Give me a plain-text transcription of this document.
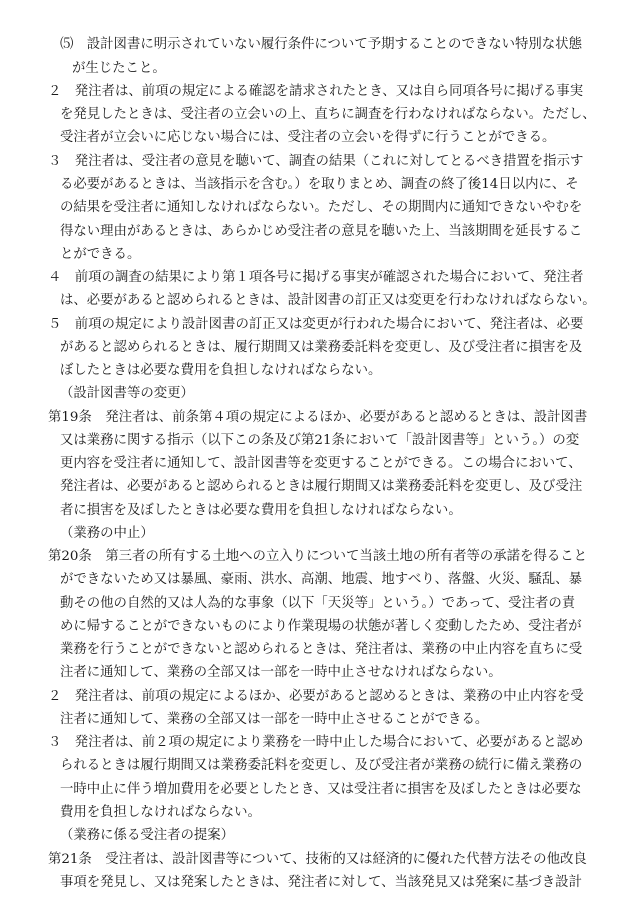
⑸　設計図書に明示されていない履行条件について予期することのできない特別な状態
が生じたこと。
２　発注者は、前項の規定による確認を請求されたとき、又は自ら同項各号に掲げる事実
を発見したときは、受注者の立会いの上、直ちに調査を行わなければならない。ただし、
受注者が立会いに応じない場合には、受注者の立会いを得ずに行うことができる。
３　発注者は、受注者の意見を聴いて、調査の結果（これに対してとるべき措置を指示す
る必要があるときは、当該指示を含む。）を取りまとめ、調査の終了後14日以内に、そ
の結果を受注者に通知しなければならない。ただし、その期間内に通知できないやむを
得ない理由があるときは、あらかじめ受注者の意見を聴いた上、当該期間を延長するこ
とができる。
４　前項の調査の結果により第１項各号に掲げる事実が確認された場合において、発注者
は、必要があると認められるときは、設計図書の訂正又は変更を行わなければならない。
５　前項の規定により設計図書の訂正又は変更が行われた場合において、発注者は、必要
があると認められるときは、履行期間又は業務委託料を変更し、及び受注者に損害を及
ぼしたときは必要な費用を負担しなければならない。
（設計図書等の変更）
第19条　発注者は、前条第４項の規定によるほか、必要があると認めるときは、設計図書
又は業務に関する指示（以下この条及び第21条において「設計図書等」という。）の変
更内容を受注者に通知して、設計図書等を変更することができる。この場合において、
発注者は、必要があると認められるときは履行期間又は業務委託料を変更し、及び受注
者に損害を及ぼしたときは必要な費用を負担しなければならない。
（業務の中止）
第20条　第三者の所有する土地への立入りについて当該土地の所有者等の承諾を得ること
ができないため又は暴風、豪雨、洪水、高潮、地震、地すべり、落盤、火災、騒乱、暴
動その他の自然的又は人為的な事象（以下「天災等」という。）であって、受注者の責
めに帰することができないものにより作業現場の状態が著しく変動したため、受注者が
業務を行うことができないと認められるときは、発注者は、業務の中止内容を直ちに受
注者に通知して、業務の全部又は一部を一時中止させなければならない。
２　発注者は、前項の規定によるほか、必要があると認めるときは、業務の中止内容を受
注者に通知して、業務の全部又は一部を一時中止させることができる。
３　発注者は、前２項の規定により業務を一時中止した場合において、必要があると認め
られるときは履行期間又は業務委託料を変更し、及び受注者が業務の続行に備え業務の
一時中止に伴う増加費用を必要としたとき、又は受注者に損害を及ぼしたときは必要な
費用を負担しなければならない。
（業務に係る受注者の提案）
第21条　受注者は、設計図書等について、技術的又は経済的に優れた代替方法その他改良
事項を発見し、又は発案したときは、発注者に対して、当該発見又は発案に基づき設計
